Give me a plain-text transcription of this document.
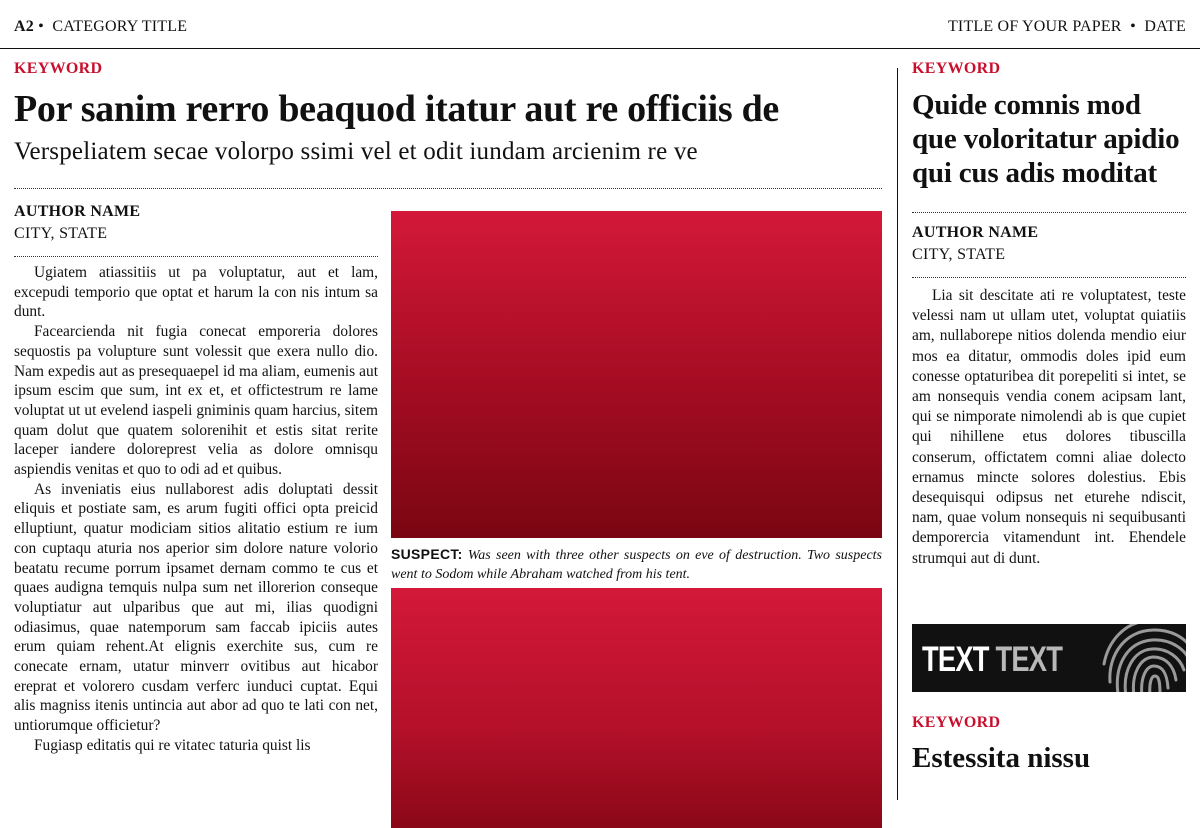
A2 • CATEGORY TITLE	TITLE OF YOUR PAPER • DATE
KEYWORD
Por sanim rerro beaquod itatur aut re officiis de
Verspeliatem secae volorpo ssimi vel et odit iundam arcienim re ve
AUTHOR NAME
CITY, STATE

Ugiatem atiassitiis ut pa voluptatur, aut et lam, excepudi temporio que optat et harum la con nis intum sa dunt.

Facearcienda nit fugia conecat emporeria dolores sequostis pa volupture sunt volessit que exera nullo dio. Nam expedis aut as presequaepel id ma aliam, eumenis aut ipsum escim que sum, int ex et, et offictestrum re lame voluptat ut ut evelend iaspeli gniminis quam harcius, sitem quam dolut que quatem solorenihit et estis sitat rerite laceper iandere doloreprest velia as dolore omnisqu aspiendis venitas et quo to odi ad et quibus.

As inveniatis eius nullaborest adis doluptati dessit eliquis et postiate sam, es arum fugiti offici opta preicid elluptiunt, quatur modiciam sitios alitatio estium re ium con cuptaqu aturia nos aperior sim dolore nature volorio beatatu recume porrum ipsamet dernam commo te cus et quaes audigna temquis nulpa sum net illorerion conseque voluptiatur aut ulparibus que aut mi, ilias quodigni odiasimus, quae natemporum sam faccab ipiciis autes erum quiam rehent.At elignis exerchite sus, cum re conecate ernam, utatur minverr ovitibus aut hicabor ereprat et volorero cusdam verferc iunduci cuptat. Equi alis magniss itenis untincia aut abor ad quo te lati con net, untiorumque officietur?

Fugiasp editatis qui re vitatec taturia quist lis

SUSPECT: Was seen with three other suspects on eve of destruction. Two suspects went to Sodom while Abraham watched from his tent.
KEYWORD
Quide comnis mod que voloritatur apidio qui cus adis moditat
AUTHOR NAME
CITY, STATE

Lia sit descitate ati re voluptatest, teste velessi nam ut ullam utet, voluptat quiatiis am, nullaborepe nitios dolenda mendio eiur mos ea ditatur, ommodis doles ipid eum conesse optaturibea dit porepeliti si intet, se am nonsequis vendia conem acipsam lant, qui se nimporate nimolendi ab is que cupiet qui nihillene etus dolores tibuscilla conserum, offictatem comni aliae dolecto ernamus mincte solores dolestius. Ebis desequisqui odipsus net eturehe ndiscit, nam, quae volum nonsequis ni sequibusanti demporercia vitamendunt int. Ehendele strumqui aut di dunt.

TEXT TEXT
KEYWORD
Estessita nissu
